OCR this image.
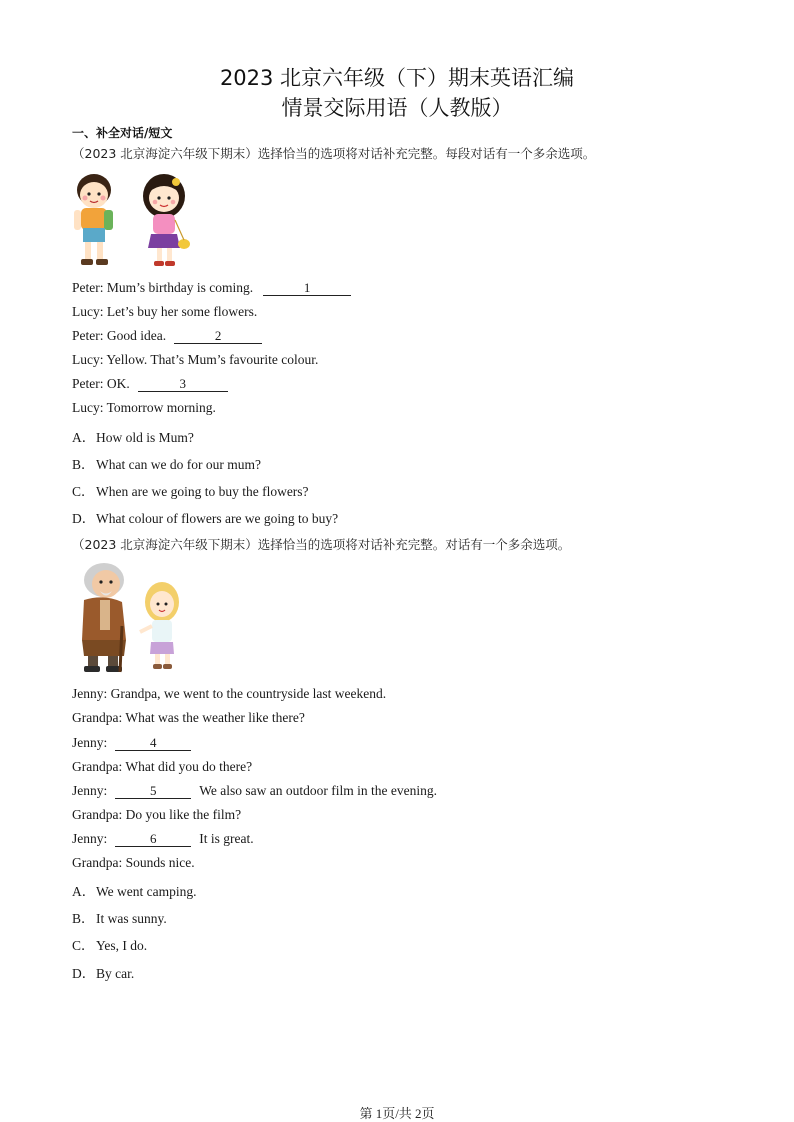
2023 北京六年级（下）期末英语汇编
情景交际用语（人教版）
一、补全对话/短文
（2023 北京海淀六年级下期末）选择恰当的选项将对话补充完整。每段对话有一个多余选项。
Peter: Mum’s birthday is coming.	1
Lucy: Let’s buy her some flowers.
Peter: Good idea.	2
Lucy: Yellow. That’s Mum’s favourite colour.
Peter: OK.	3
Lucy: Tomorrow morning.
A．How old is Mum?
B．What can we do for our mum?
C．When are we going to buy the flowers?
D．What colour of flowers are we going to buy?
（2023 北京海淀六年级下期末）选择恰当的选项将对话补充完整。对话有一个多余选项。
Jenny: Grandpa, we went to the countryside last weekend.
Grandpa: What was the weather like there?
Jenny:	4
Grandpa: What did you do there?
Jenny:	5	We also saw an outdoor film in the evening.
Grandpa: Do you like the film?
Jenny:	6	It is great.
Grandpa: Sounds nice.
A．We went camping.
B．It was sunny.
C．Yes, I do.
D．By car.
第 1页/共 2页
